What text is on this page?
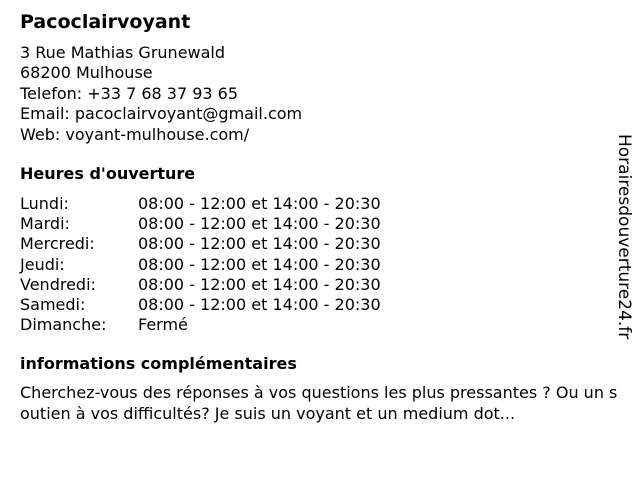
Pacoclairvoyant
3 Rue Mathias Grunewald
68200 Mulhouse
Telefon: +33 7 68 37 93 65
Email: pacoclairvoyant@gmail.com
Web: voyant-mulhouse.com/
Heures d'ouverture
Lundi:	08:00 - 12:00 et 14:00 - 20:30
Mardi:	08:00 - 12:00 et 14:00 - 20:30
Mercredi:	08:00 - 12:00 et 14:00 - 20:30
Jeudi:	08:00 - 12:00 et 14:00 - 20:30
Vendredi:	08:00 - 12:00 et 14:00 - 20:30
Samedi:	08:00 - 12:00 et 14:00 - 20:30
Dimanche:	Fermé
informations complémentaires

Cherchez-vous des réponses à vos questions les plus pressantes ? Ou un soutien à vos difficultés? Je suis un voyant et un medium dot...

Horairesdouverture24.fr
